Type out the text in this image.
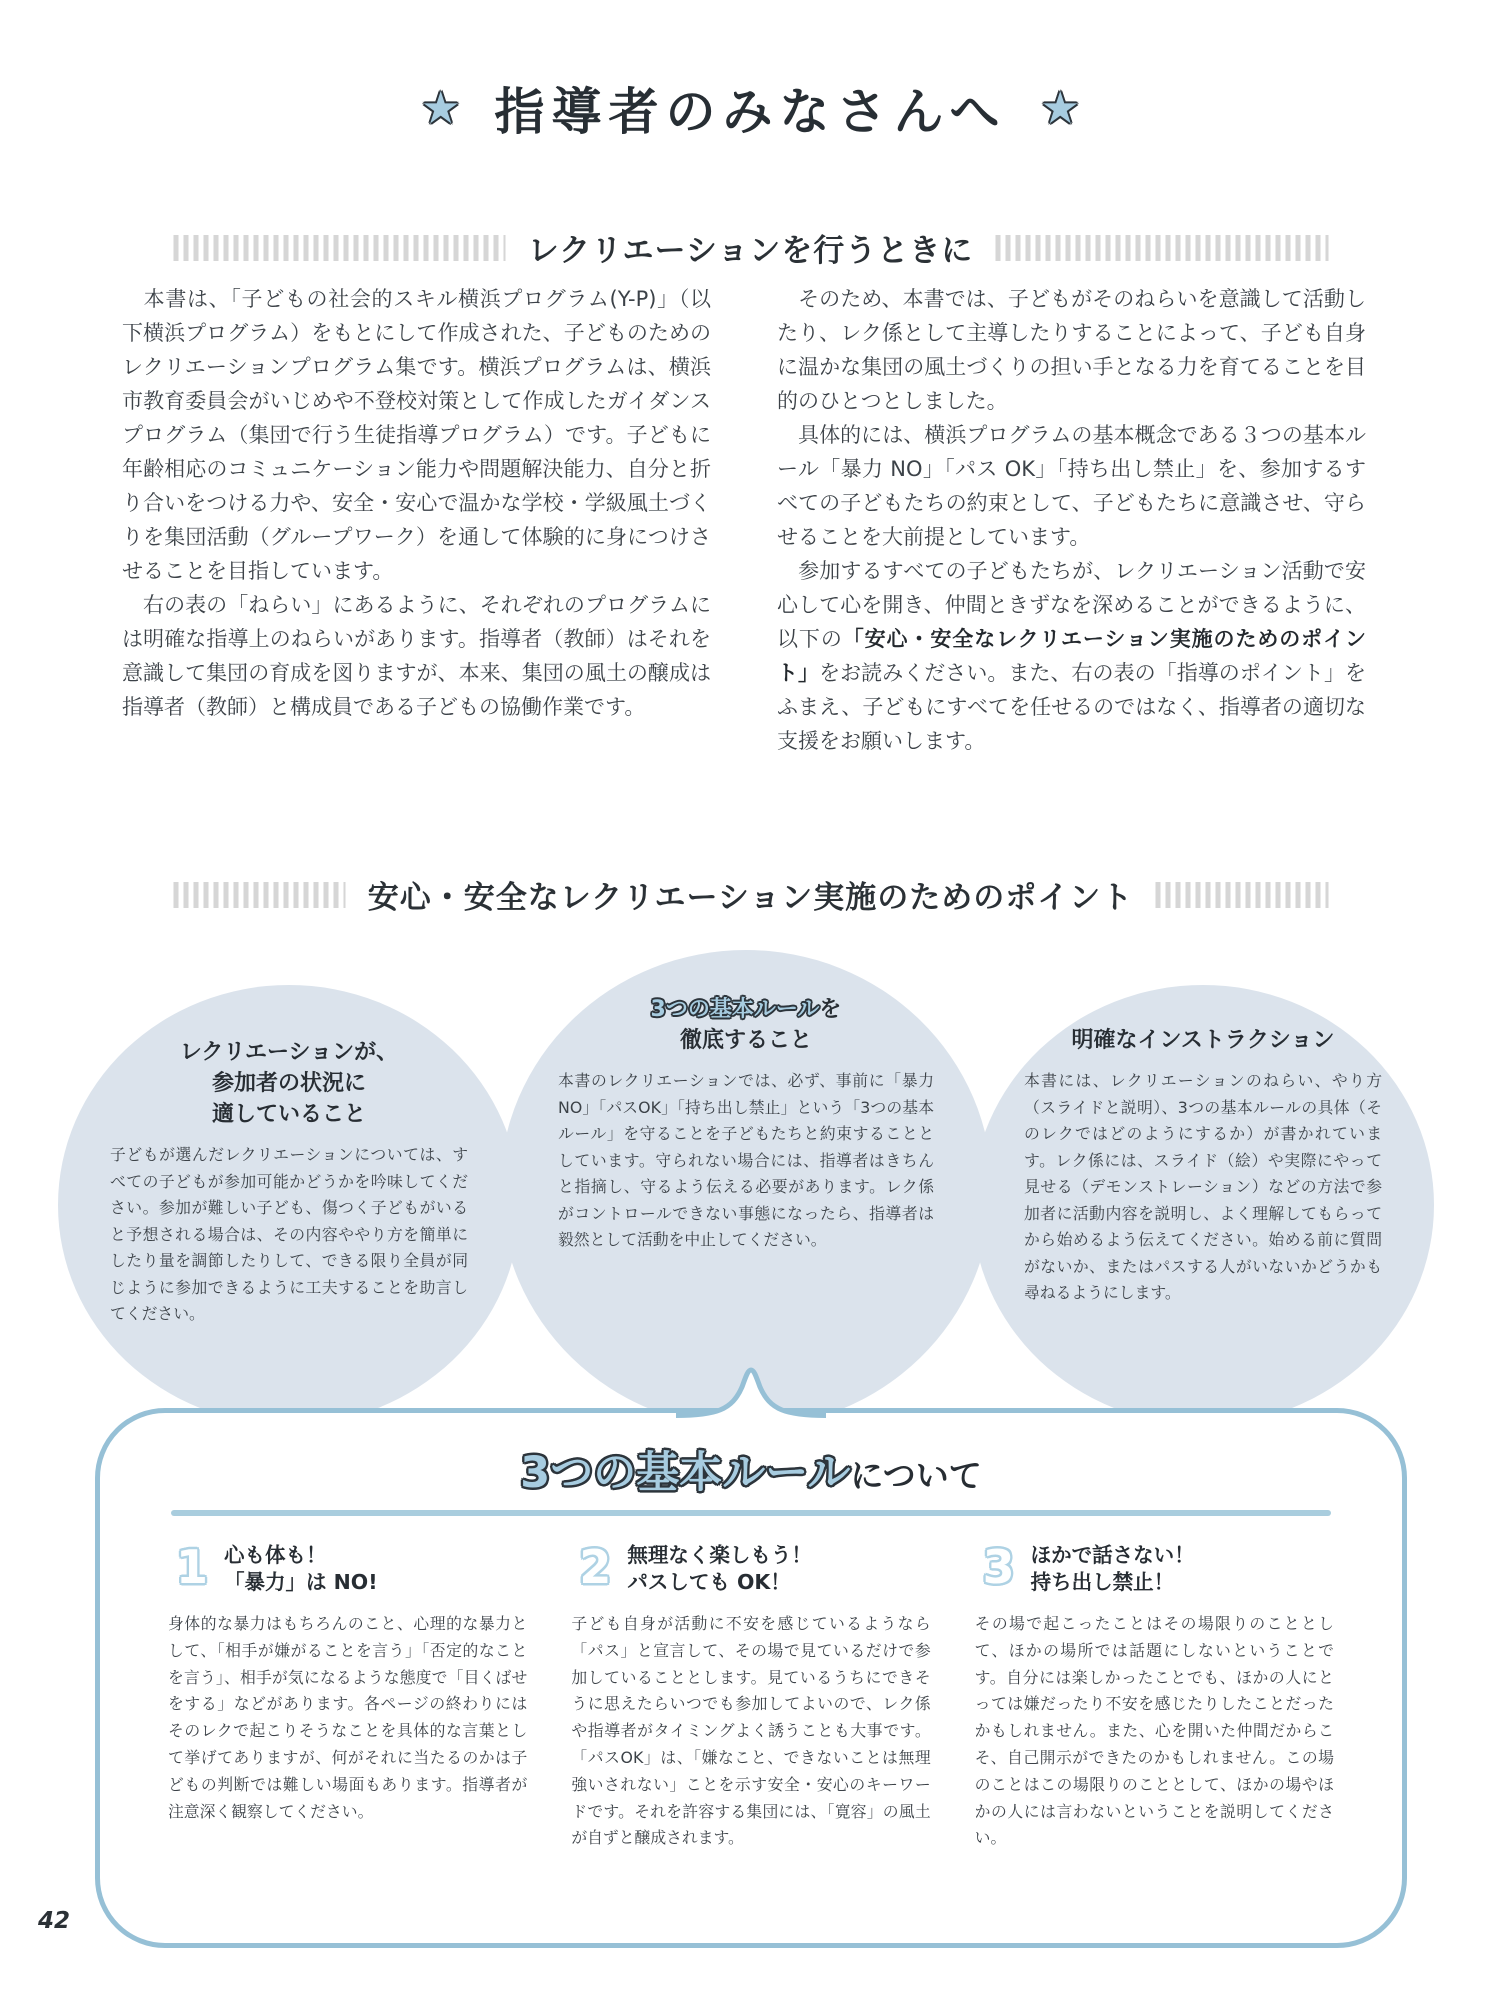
★ 指導者のみなさんへ ★
レクリエーションを行うときに

　本書は、「子どもの社会的スキル横浜プログラム(Y-P)」（以下横浜プログラム）をもとにして作成された、子どものためのレクリエーションプログラム集です。横浜プログラムは、横浜市教育委員会がいじめや不登校対策として作成したガイダンスプログラム（集団で行う生徒指導プログラム）です。子どもに年齢相応のコミュニケーション能力や問題解決能力、自分と折り合いをつける力や、安全・安心で温かな学校・学級風土づくりを集団活動（グループワーク）を通して体験的に身につけさせることを目指しています。

　右の表の「ねらい」にあるように、それぞれのプログラムには明確な指導上のねらいがあります。指導者（教師）はそれを意識して集団の育成を図りますが、本来、集団の風土の醸成は指導者（教師）と構成員である子どもの協働作業です。

　そのため、本書では、子どもがそのねらいを意識して活動したり、レク係として主導したりすることによって、子ども自身に温かな集団の風土づくりの担い手となる力を育てることを目的のひとつとしました。

　具体的には、横浜プログラムの基本概念である３つの基本ルール「暴力 NO」「パス OK」「持ち出し禁止」を、参加するすべての子どもたちの約束として、子どもたちに意識させ、守らせることを大前提としています。

　参加するすべての子どもたちが、レクリエーション活動で安心して心を開き、仲間ときずなを深めることができるように、以下の「安心・安全なレクリエーション実施のためのポイント」をお読みください。また、右の表の「指導のポイント」をふまえ、子どもにすべてを任せるのではなく、指導者の適切な支援をお願いします。

安心・安全なレクリエーション実施のためのポイント
レクリエーションが、
参加者の状況に
適していること
子どもが選んだレクリエーションについては、すべての子どもが参加可能かどうかを吟味してください。参加が難しい子ども、傷つく子どもがいると予想される場合は、その内容ややり方を簡単にしたり量を調節したりして、できる限り全員が同じように参加できるように工夫することを助言してください。
3つの基本ルールを
徹底すること
本書のレクリエーションでは、必ず、事前に「暴力NO」「パスOK」「持ち出し禁止」という「3つの基本ルール」を守ることを子どもたちと約束することとしています。守られない場合には、指導者はきちんと指摘し、守るよう伝える必要があります。レク係がコントロールできない事態になったら、指導者は毅然として活動を中止してください。
明確なインストラクション
本書には、レクリエーションのねらい、やり方（スライドと説明）、3つの基本ルールの具体（そのレクではどのようにするか）が書かれています。レク係には、スライド（絵）や実際にやって見せる（デモンストレーション）などの方法で参加者に活動内容を説明し、よく理解してもらってから始めるよう伝えてください。始める前に質問がないか、またはパスする人がいないかどうかも尋ねるようにします。
3つの基本ルールについて
1 心も体も！
「暴力」は NO!
身体的な暴力はもちろんのこと、心理的な暴力として、「相手が嫌がることを言う」「否定的なことを言う」、相手が気になるような態度で「目くばせをする」などがあります。各ページの終わりにはそのレクで起こりそうなことを具体的な言葉として挙げてありますが、何がそれに当たるのかは子どもの判断では難しい場面もあります。指導者が注意深く観察してください。
2 無理なく楽しもう！
パスしても OK！
子ども自身が活動に不安を感じているようなら「パス」と宣言して、その場で見ているだけで参加していることとします。見ているうちにできそうに思えたらいつでも参加してよいので、レク係や指導者がタイミングよく誘うことも大事です。「パスOK」は、「嫌なこと、できないことは無理強いされない」ことを示す安全・安心のキーワードです。それを許容する集団には、「寛容」の風土が自ずと醸成されます。
3 ほかで話さない！
持ち出し禁止！
その場で起こったことはその場限りのこととして、ほかの場所では話題にしないということです。自分には楽しかったことでも、ほかの人にとっては嫌だったり不安を感じたりしたことだったかもしれません。また、心を開いた仲間だからこそ、自己開示ができたのかもしれません。この場のことはこの場限りのこととして、ほかの場やほかの人には言わないということを説明してください。
42
